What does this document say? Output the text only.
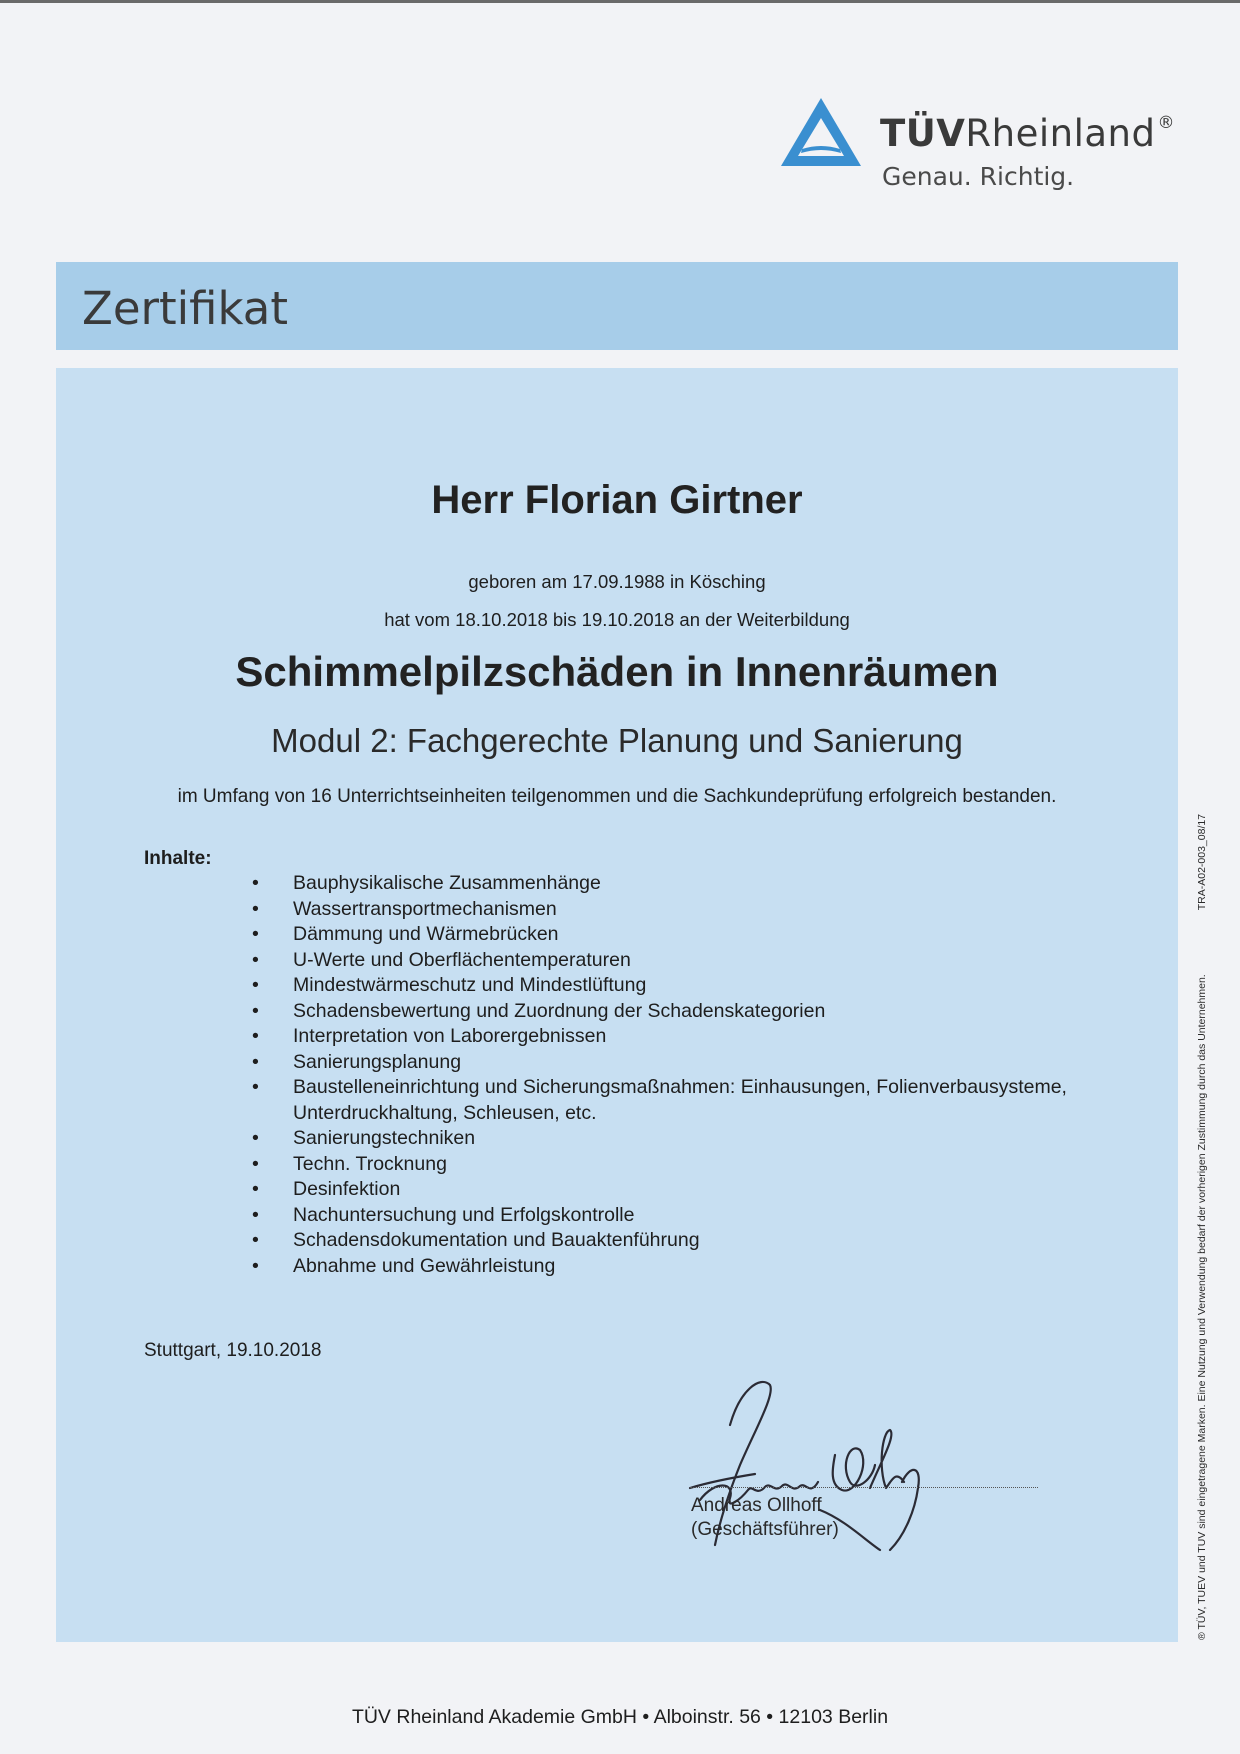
TÜVRheinland ®
Genau. Richtig.
Zertifikat
Herr Florian Girtner
geboren am 17.09.1988 in Kösching
hat vom 18.10.2018 bis 19.10.2018 an der Weiterbildung
Schimmelpilzschäden in Innenräumen
Modul 2: Fachgerechte Planung und Sanierung
im Umfang von 16 Unterrichtseinheiten teilgenommen und die Sachkundeprüfung erfolgreich bestanden.
Inhalte:
• Bauphysikalische Zusammenhänge
• Wassertransportmechanismen
• Dämmung und Wärmebrücken
• U-Werte und Oberflächentemperaturen
• Mindestwärmeschutz und Mindestlüftung
• Schadensbewertung und Zuordnung der Schadenskategorien
• Interpretation von Laborergebnissen
• Sanierungsplanung
• Baustelleneinrichtung und Sicherungsmaßnahmen: Einhausungen, Folienverbausysteme, Unterdruckhaltung, Schleusen, etc.
• Sanierungstechniken
• Techn. Trocknung
• Desinfektion
• Nachuntersuchung und Erfolgskontrolle
• Schadensdokumentation und Bauaktenführung
• Abnahme und Gewährleistung
Stuttgart, 19.10.2018
Andreas Ollhoff
(Geschäftsführer)
TÜV Rheinland Akademie GmbH • Alboinstr. 56 • 12103 Berlin
® TÜV, TUEV und TUV sind eingetragene Marken. Eine Nutzung und Verwendung bedarf der vorherigen Zustimmung durch das Unternehmen.TRA-A02-003_08/17
